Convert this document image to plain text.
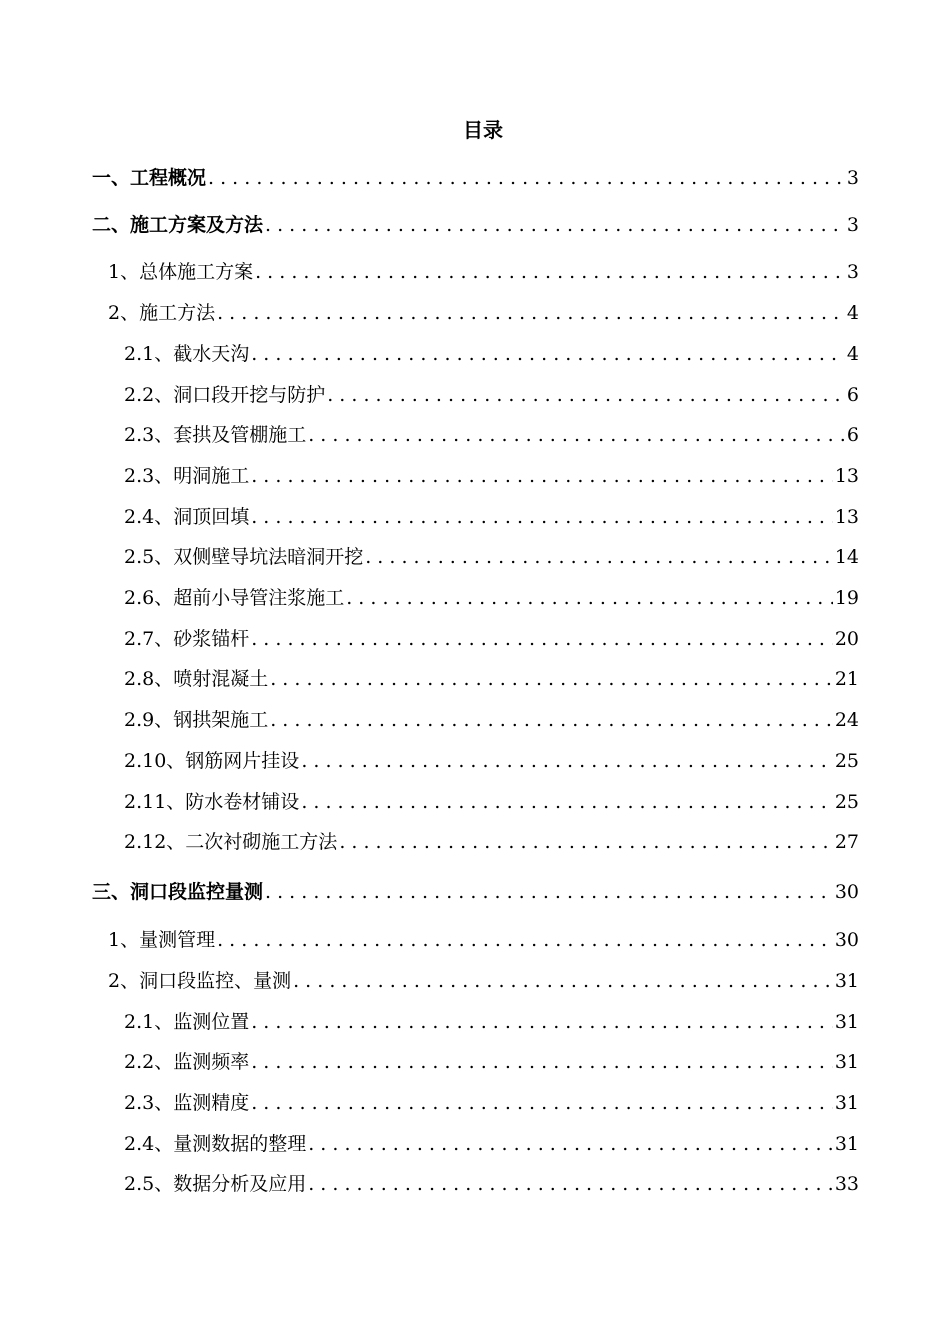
目录
一、工程概况 . . .	3
二、施工方案及方法 . . .	3
1、总体施工方案 . . .	3
2、施工方法 . . .	4
2.1、截水天沟 . . .	4
2.2、洞口段开挖与防护 . . .	6
2.3、套拱及管棚施工 . . .	6
2.3、明洞施工 . . .	13
2.4、洞顶回填 . . .	13
2.5、双侧壁导坑法暗洞开挖 . . .	14
2.6、超前小导管注浆施工 . . .	19
2.7、砂浆锚杆 . . .	20
2.8、喷射混凝土 . . .	21
2.9、钢拱架施工 . . .	24
2.10、钢筋网片挂设 . . .	25
2.11、防水卷材铺设 . . .	25
2.12、二次衬砌施工方法 . . .	27
三、洞口段监控量测 . . .	30
1、量测管理 . . .	30
2、洞口段监控、量测 . . .	31
2.1、监测位置 . . .	31
2.2、监测频率 . . .	31
2.3、监测精度 . . .	31
2.4、量测数据的整理 . . .	31
2.5、数据分析及应用 . . .	33
